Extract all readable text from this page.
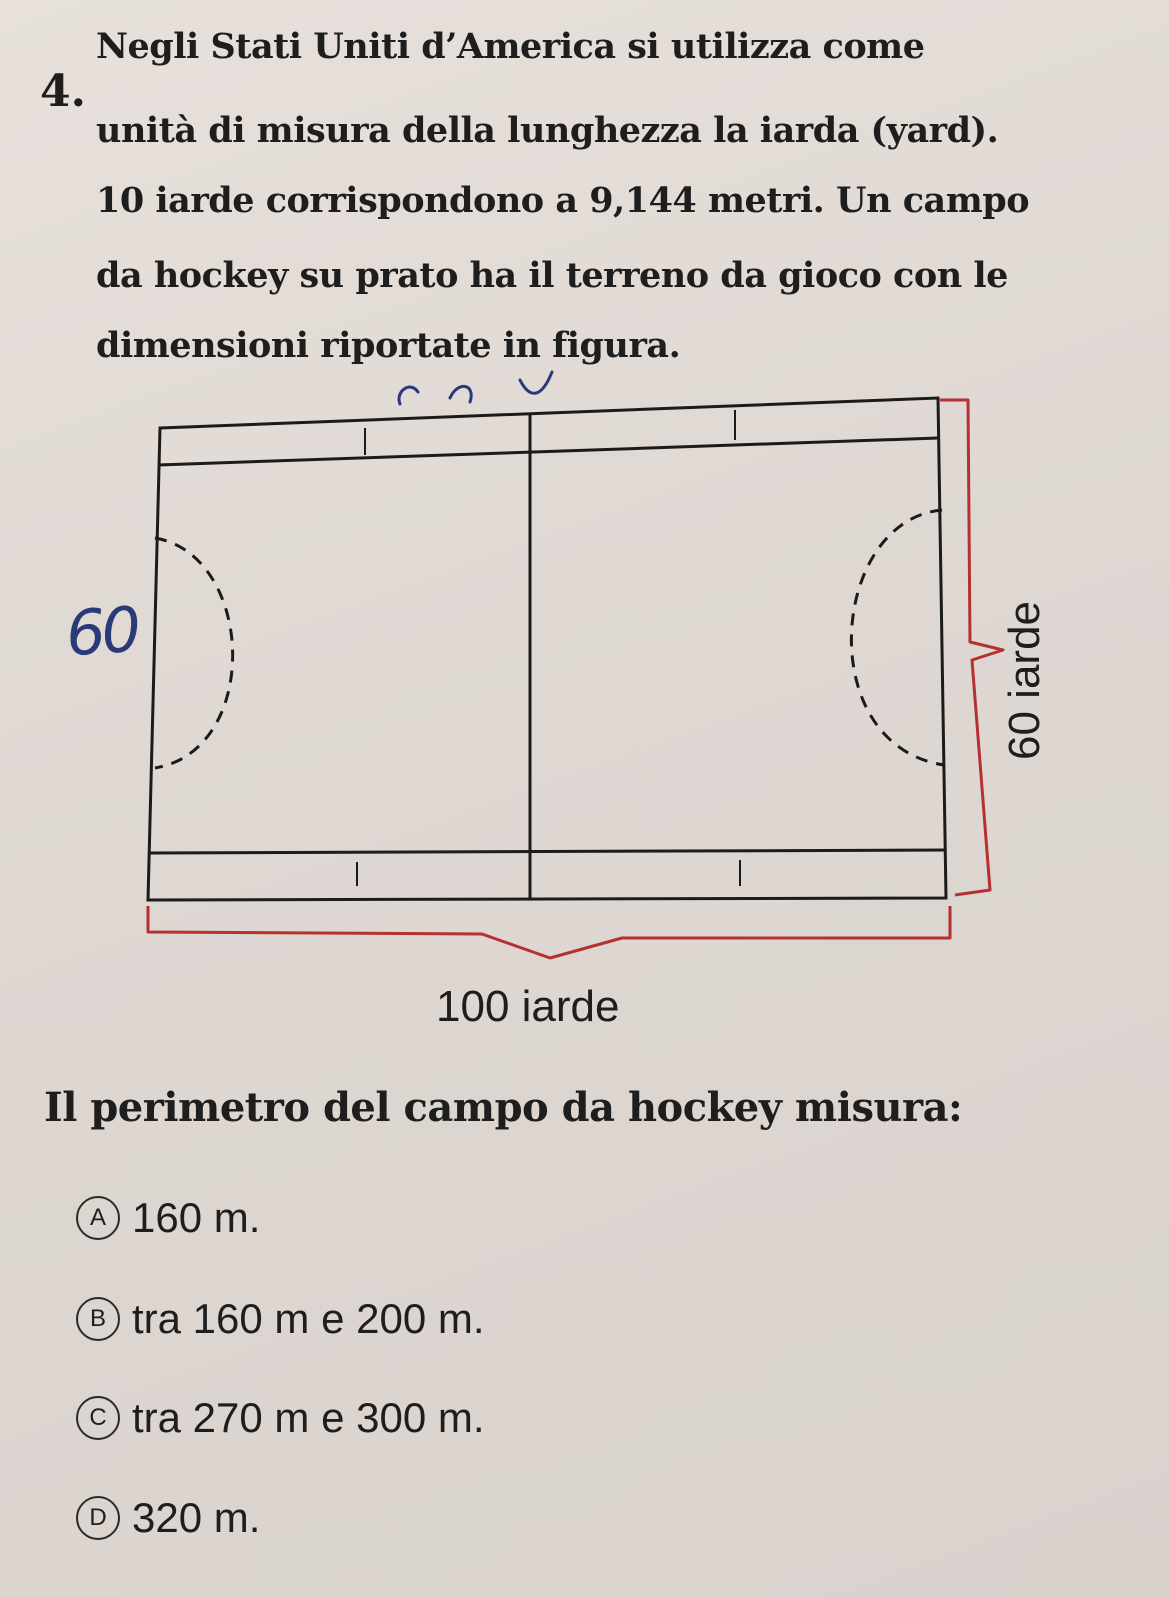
4.
Negli Stati Uniti d’America si utilizza come
unità di misura della lunghezza la iarda (yard).
10 iarde corrispondono a 9,144 metri. Un campo
da hockey su prato ha il terreno da gioco con le
dimensioni riportate in figura.
60	60 iarde
100 iarde
Il perimetro del campo da hockey misura:
A 160 m.
B tra 160 m e 200 m.
C tra 270 m e 300 m.
D 320 m.
